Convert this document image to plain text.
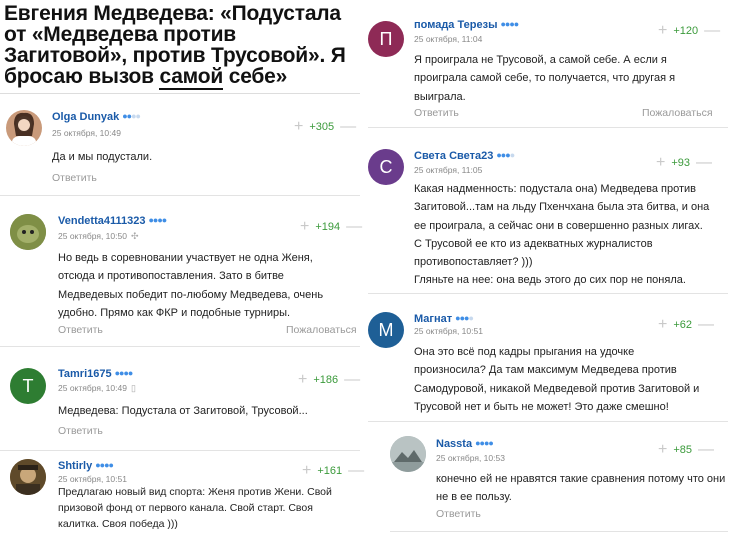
Евгения Медведева: «Подустала от «Медведева против Загитовой», против Трусовой». Я бросаю вызов самой себе»
Olga Dunyak ●●●●
25 октября, 10:49	+ +305 —
Да и мы подустали.
Ответить
Vendetta4111323 ●●●●
25 октября, 10:50 ✣
+ +194 —
Но ведь в соревновании участвует не одна Женя,
отсюда и противопоставления. Зато в битве
Медведевых победит по-любому Медведева, очень
удобно. Прямо как ФКР и подобные турниры.
Ответить	Пожаловаться
Т
Tamri1675 ●●●●
25 октября, 10:49 ▯	+ +186 —
Медведева: Подустала от Загитовой, Трусовой...
Ответить
Shtirly ●●●●
25 октября, 10:51	+ +161 —
Предлагаю новый вид спорта: Женя против Жени. Свой
призовой фонд от первого канала. Свой старт. Своя
калитка. Своя победа )))
П
помада Терезы ●●●●
25 октября, 11:04	+ +120 —
Я проиграла не Трусовой, а самой себе. А если я
проиграла самой себе, то получается, что другая я
выиграла.
Ответить	Пожаловаться
С
Света Света23 ●●●●
25 октября, 11:05	+ +93 —
Какая надменность: подустала она) Медведева против
Загитовой...там на льду Пхенчхана была эта битва, и она
ее проиграла, а сейчас они в совершенно разных лигах.
С Трусовой ее кто из адекватных журналистов
противопоставляет? )))
Гляньте на нее: она ведь этого до сих пор не поняла.
М
Магнат ●●●●
25 октября, 10:51	+ +62 —
Она это всё под кадры прыгания на удочке
произносила? Да там максимум Медведева против
Самодуровой, никакой Медведевой против Загитовой и
Трусовой нет и быть не может! Это даже смешно!
Nassta ●●●●
25 октября, 10:53	+ +85 —
конечно ей не нравятся такие сравнения потому что они
не в ее пользу.
Ответить
